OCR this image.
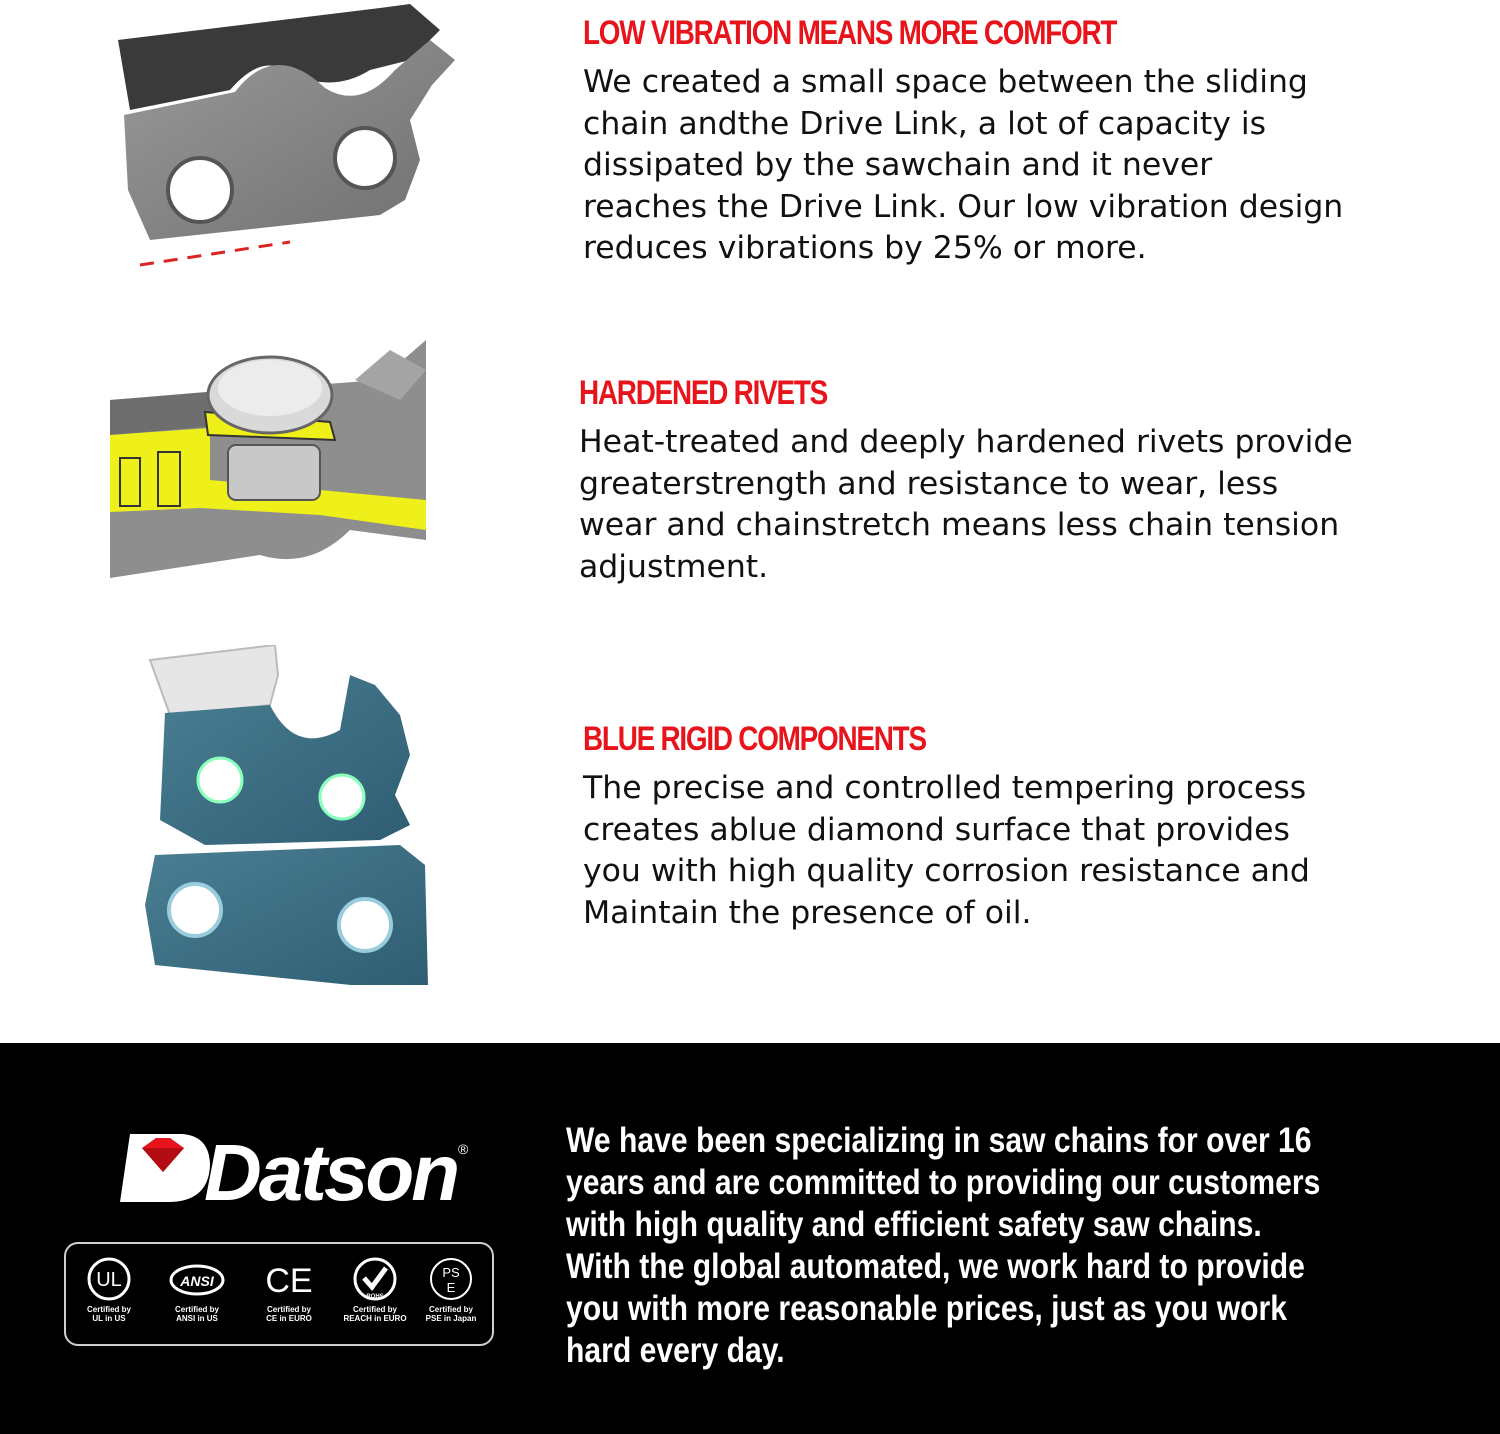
LOW VIBRATION MEANS MORE COMFORT
We created a small space between the sliding
chain andthe Drive Link, a lot of capacity is
dissipated by the sawchain and it never
reaches the Drive Link. Our low vibration design
reduces vibrations by 25% or more.
HARDENED RIVETS
Heat-treated and deeply hardened rivets provide
greaterstrength and resistance to wear, less
wear and chainstretch means less chain tension
adjustment.
BLUE RIGID COMPONENTS
The precise and controlled tempering process
creates ablue diamond surface that provides
you with high quality corrosion resistance and
Maintain the presence of oil.
Datson ®
UL
Certified by
UL in US
ANSI
Certified by
ANSI in US
CE
Certified by
CE in EURO
ROHS
Certified by
REACH in EURO
PS
E
Certified by
PSE in Japan
We have been specializing in saw chains for over 16
years and are committed to providing our customers
with high quality and efficient safety saw chains.
With the global automated, we work hard to provide
you with more reasonable prices, just as you work
hard every day.
